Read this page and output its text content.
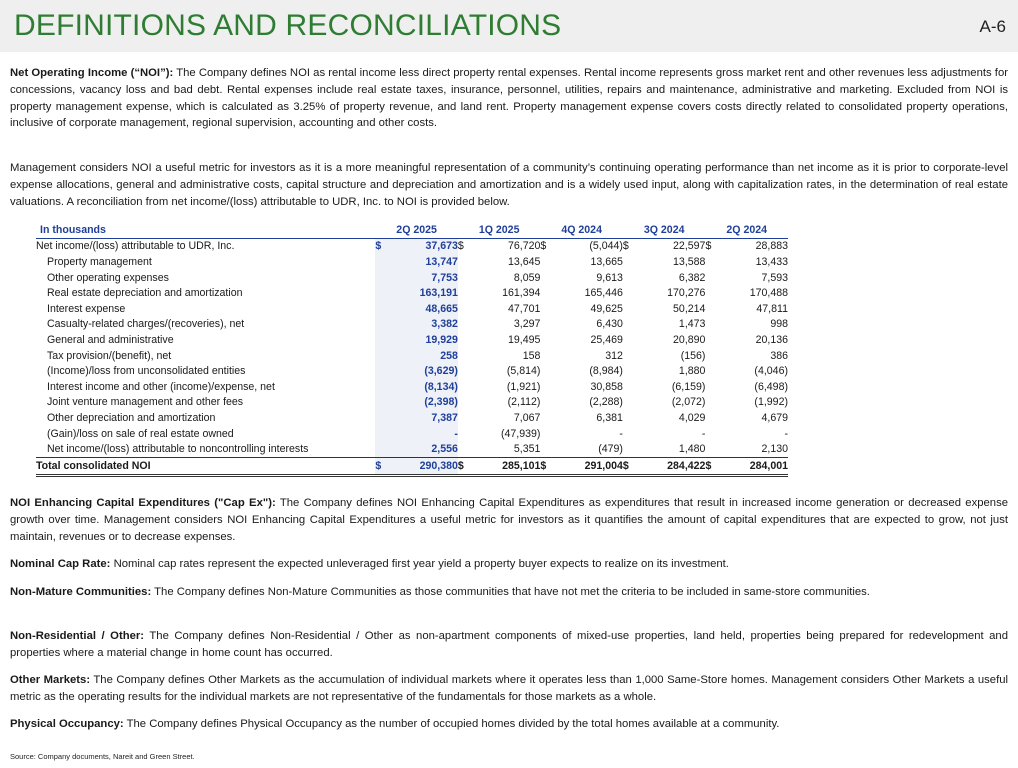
DEFINITIONS AND RECONCILIATIONS	A-6

Net Operating Income (“NOI”): The Company defines NOI as rental income less direct property rental expenses. Rental income represents gross market rent and other revenues less adjustments for concessions, vacancy loss and bad debt. Rental expenses include real estate taxes, insurance, personnel, utilities, repairs and maintenance, administrative and marketing. Excluded from NOI is property management expense, which is calculated as 3.25% of property revenue, and land rent. Property management expense covers costs directly related to consolidated property operations, inclusive of corporate management, regional supervision, accounting and other costs.

Management considers NOI a useful metric for investors as it is a more meaningful representation of a community’s continuing operating performance than net income as it is prior to corporate-level expense allocations, general and administrative costs, capital structure and depreciation and amortization and is a widely used input, along with capitalization rates, in the determination of real estate valuations. A reconciliation from net income/(loss) attributable to UDR, Inc. to NOI is provided below.

In thousands	2Q 2025		1Q 2025		4Q 2024		3Q 2024		2Q 2024	
Net income/(loss) attributable to UDR, Inc.	$	37,673	$	76,720	$	(5,044)	$	22,597	$	28,883
Property management		13,747		13,645		13,665		13,588		13,433
Other operating expenses		7,753		8,059		9,613		6,382		7,593
Real estate depreciation and amortization		163,191		161,394		165,446		170,276		170,488
Interest expense		48,665		47,701		49,625		50,214		47,811
Casualty-related charges/(recoveries), net		3,382		3,297		6,430		1,473		998
General and administrative		19,929		19,495		25,469		20,890		20,136
Tax provision/(benefit), net		258		158		312		(156)		386
(Income)/loss from unconsolidated entities		(3,629)		(5,814)		(8,984)		1,880		(4,046)
Interest income and other (income)/expense, net		(8,134)		(1,921)		30,858		(6,159)		(6,498)
Joint venture management and other fees		(2,398)		(2,112)		(2,288)		(2,072)		(1,992)
Other depreciation and amortization		7,387		7,067		6,381		4,029		4,679
(Gain)/loss on sale of real estate owned		-		(47,939)		-		-		-
Net income/(loss) attributable to noncontrolling interests		2,556		5,351		(479)		1,480		2,130
Total consolidated NOI	$	290,380	$	285,101	$	291,004	$	284,422	$	284,001

NOI Enhancing Capital Expenditures ("Cap Ex"): The Company defines NOI Enhancing Capital Expenditures as expenditures that result in increased income generation or decreased expense growth over time. Management considers NOI Enhancing Capital Expenditures a useful metric for investors as it quantifies the amount of capital expenditures that are expected to grow, not just maintain, revenues or to decrease expenses.

Nominal Cap Rate: Nominal cap rates represent the expected unleveraged first year yield a property buyer expects to realize on its investment.

Non-Mature Communities: The Company defines Non-Mature Communities as those communities that have not met the criteria to be included in same-store communities.

Non-Residential / Other: The Company defines Non-Residential / Other as non-apartment components of mixed-use properties, land held, properties being prepared for redevelopment and properties where a material change in home count has occurred.

Other Markets: The Company defines Other Markets as the accumulation of individual markets where it operates less than 1,000 Same-Store homes. Management considers Other Markets a useful metric as the operating results for the individual markets are not representative of the fundamentals for those markets as a whole.

Physical Occupancy: The Company defines Physical Occupancy as the number of occupied homes divided by the total homes available at a community.

Source: Company documents, Nareit and Green Street.
